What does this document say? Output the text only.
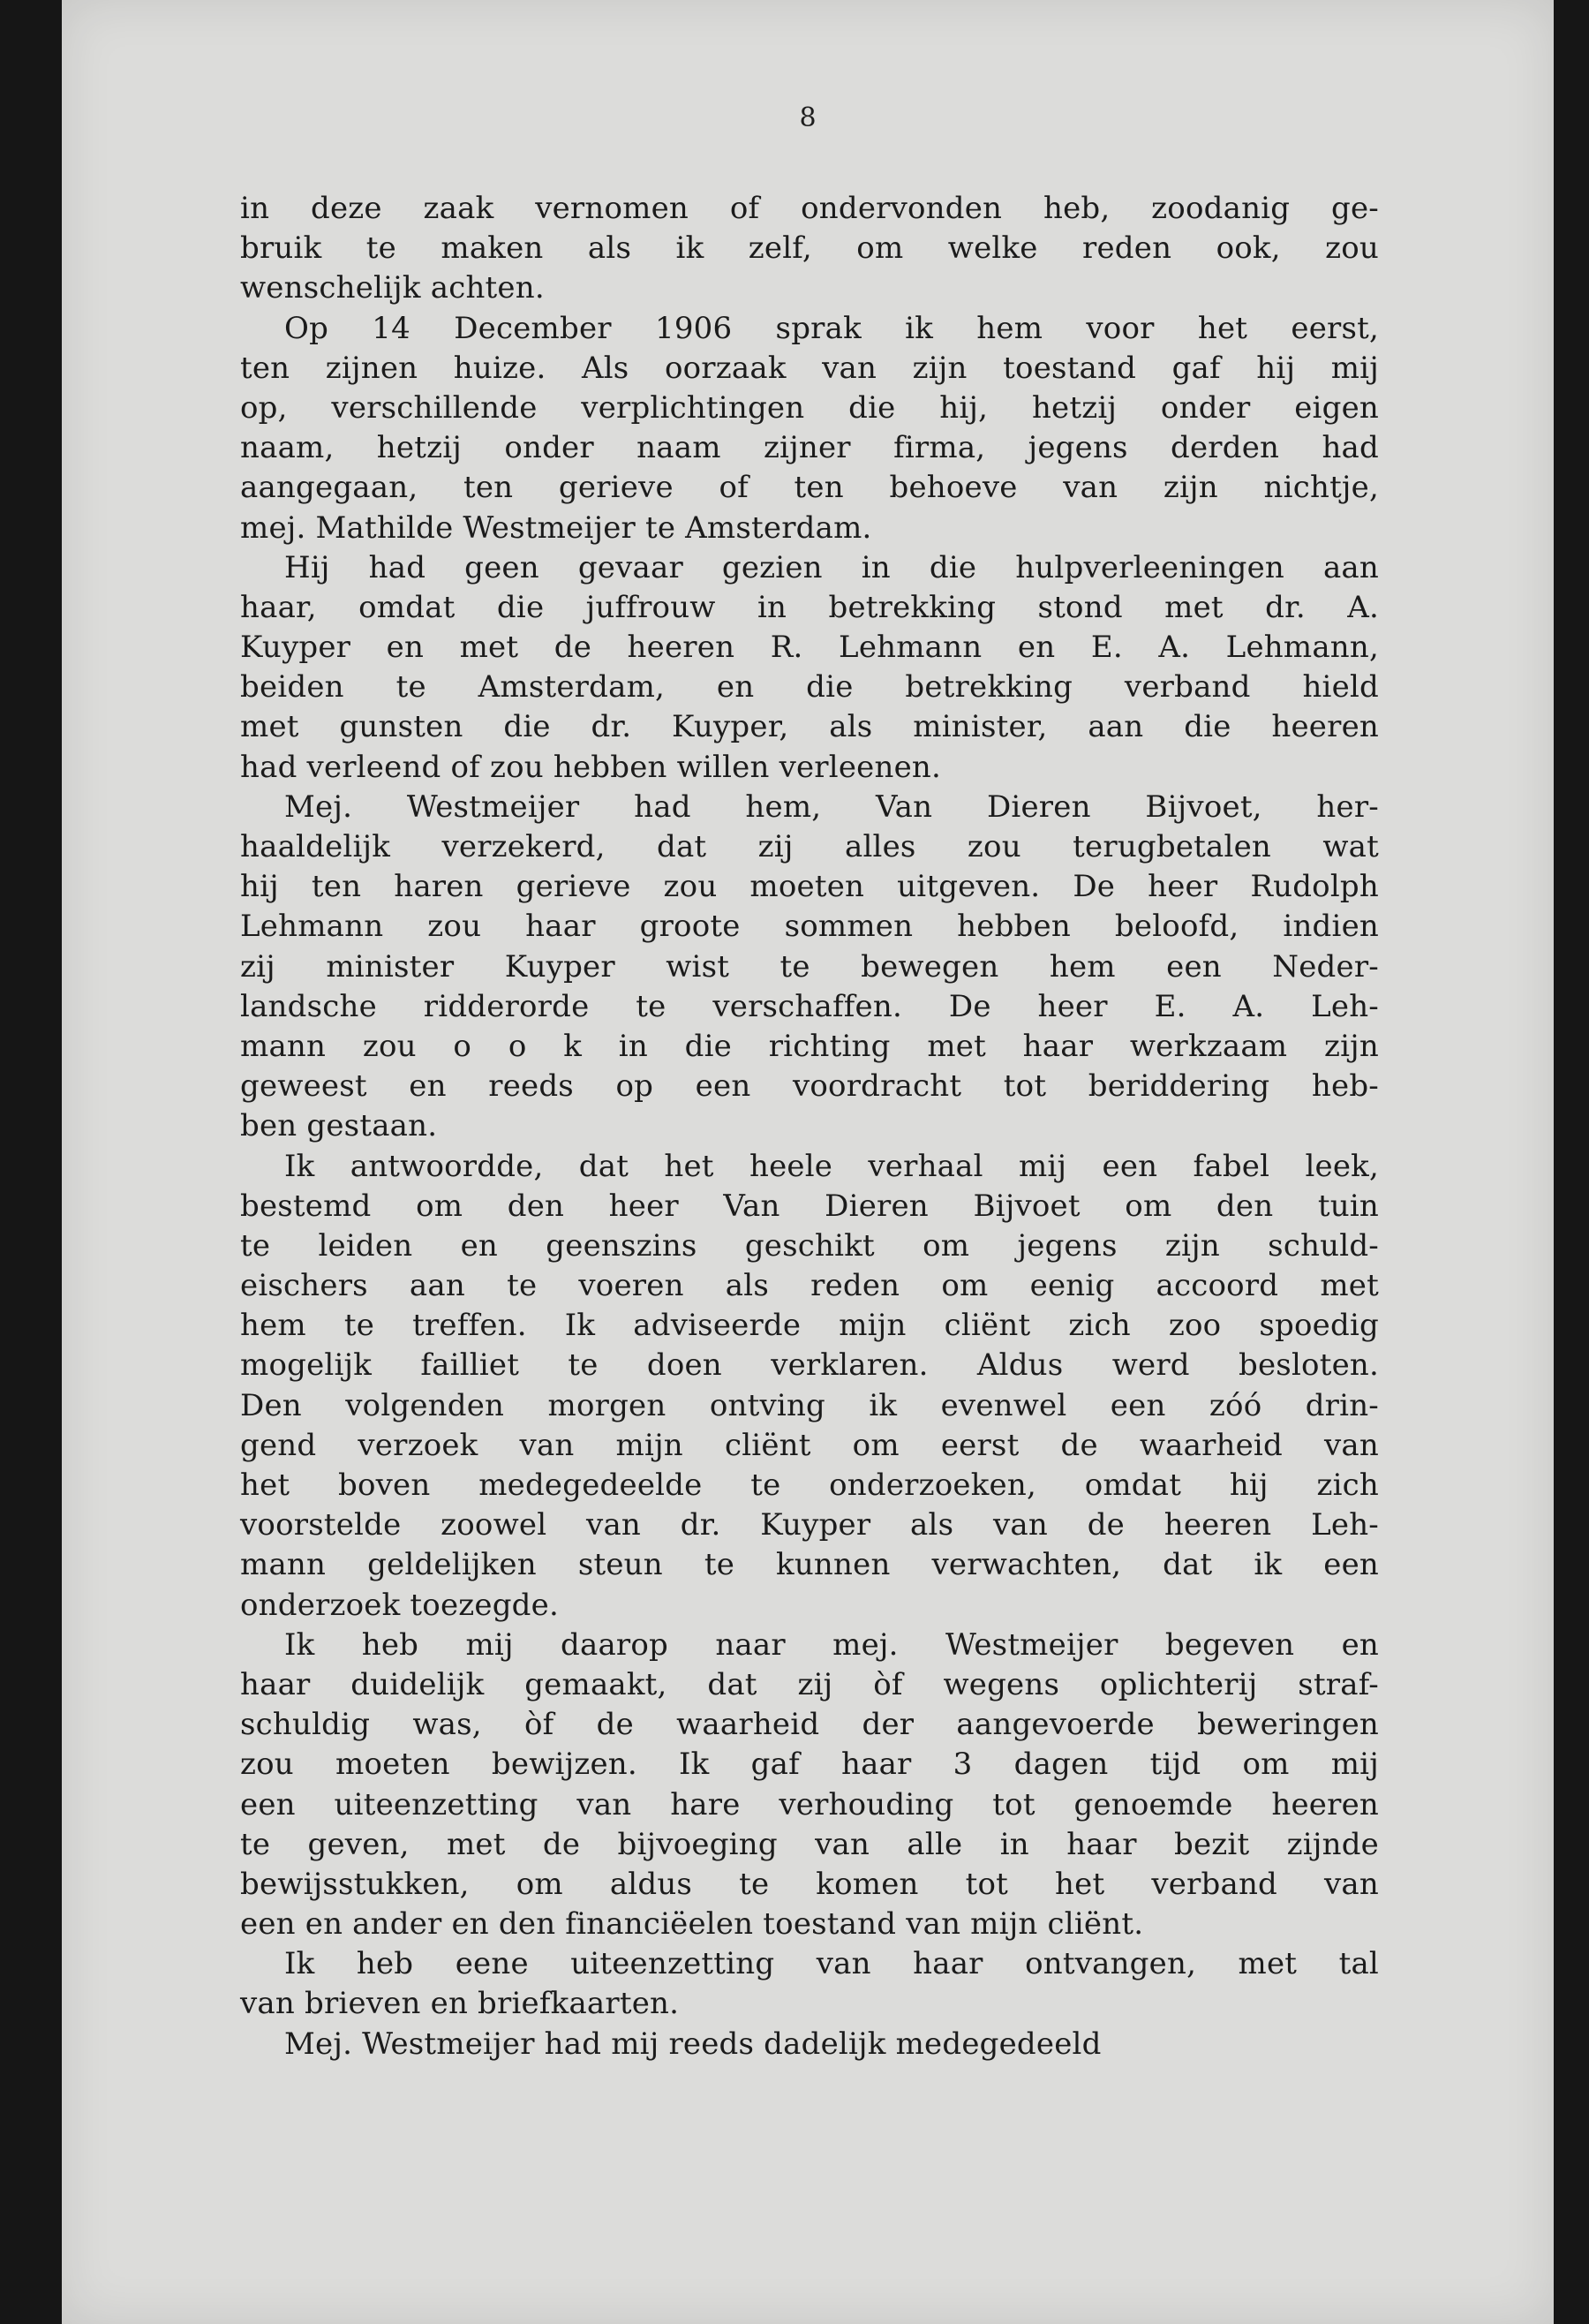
8
in deze zaak vernomen of ondervonden heb, zoodanig ge-
bruik te maken als ik zelf, om welke reden ook, zou
wenschelijk achten.
Op 14 December 1906 sprak ik hem voor het eerst,
ten zijnen huize. Als oorzaak van zijn toestand gaf hij mij
op, verschillende verplichtingen die hij, hetzij onder eigen
naam, hetzij onder naam zijner firma, jegens derden had
aangegaan, ten gerieve of ten behoeve van zijn nichtje,
mej. Mathilde Westmeijer te Amsterdam.
Hij had geen gevaar gezien in die hulpverleeningen aan
haar, omdat die juffrouw in betrekking stond met dr. A.
Kuyper en met de heeren R. Lehmann en E. A. Lehmann,
beiden te Amsterdam, en die betrekking verband hield
met gunsten die dr. Kuyper, als minister, aan die heeren
had verleend of zou hebben willen verleenen.
Mej. Westmeijer had hem, Van Dieren Bijvoet, her-
haaldelijk verzekerd, dat zij alles zou terugbetalen wat
hij ten haren gerieve zou moeten uitgeven. De heer Rudolph
Lehmann zou haar groote sommen hebben beloofd, indien
zij minister Kuyper wist te bewegen hem een Neder-
landsche ridderorde te verschaffen. De heer E. A. Leh-
mann zou o o k in die richting met haar werkzaam zijn
geweest en reeds op een voordracht tot beriddering heb-
ben gestaan.
Ik antwoordde, dat het heele verhaal mij een fabel leek,
bestemd om den heer Van Dieren Bijvoet om den tuin
te leiden en geenszins geschikt om jegens zijn schuld-
eischers aan te voeren als reden om eenig accoord met
hem te treffen. Ik adviseerde mijn cliënt zich zoo spoedig
mogelijk failliet te doen verklaren. Aldus werd besloten.
Den volgenden morgen ontving ik evenwel een zóó drin-
gend verzoek van mijn cliënt om eerst de waarheid van
het boven medegedeelde te onderzoeken, omdat hij zich
voorstelde zoowel van dr. Kuyper als van de heeren Leh-
mann geldelijken steun te kunnen verwachten, dat ik een
onderzoek toezegde.
Ik heb mij daarop naar mej. Westmeijer begeven en
haar duidelijk gemaakt, dat zij òf wegens oplichterij straf-
schuldig was, òf de waarheid der aangevoerde beweringen
zou moeten bewijzen. Ik gaf haar 3 dagen tijd om mij
een uiteenzetting van hare verhouding tot genoemde heeren
te geven, met de bijvoeging van alle in haar bezit zijnde
bewijsstukken, om aldus te komen tot het verband van
een en ander en den financiëelen toestand van mijn cliënt.
Ik heb eene uiteenzetting van haar ontvangen, met tal
van brieven en briefkaarten.
Mej. Westmeijer had mij reeds dadelijk medegedeeld
